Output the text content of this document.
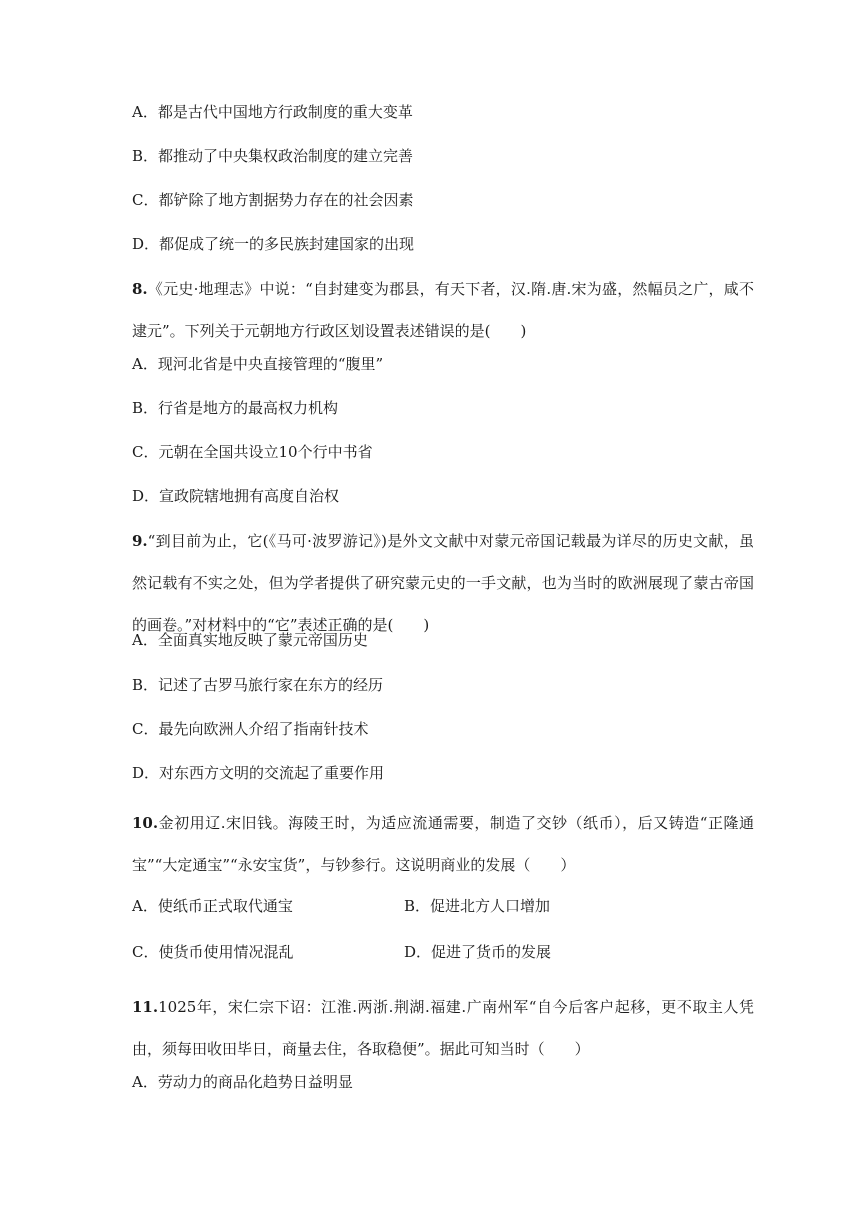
A．都是古代中国地方行政制度的重大变革
B．都推动了中央集权政治制度的建立完善
C．都铲除了地方割据势力存在的社会因素
D．都促成了统一的多民族封建国家的出现
8.《元史·地理志》中说：“自封建变为郡县，有天下者，汉.隋.唐.宋为盛，然幅员之广，咸不逮元”。下列关于元朝地方行政区划设置表述错误的是(　　)
A．现河北省是中央直接管理的“腹里”
B．行省是地方的最高权力机构
C．元朝在全国共设立10个行中书省
D．宣政院辖地拥有高度自治权
9.“到目前为止，它(《马可·波罗游记》)是外文文献中对蒙元帝国记载最为详尽的历史文献，虽然记载有不实之处，但为学者提供了研究蒙元史的一手文献，也为当时的欧洲展现了蒙古帝国的画卷。”对材料中的“它”表述正确的是(　　)
A．全面真实地反映了蒙元帝国历史
B．记述了古罗马旅行家在东方的经历
C．最先向欧洲人介绍了指南针技术
D．对东西方文明的交流起了重要作用
10.金初用辽.宋旧钱。海陵王时，为适应流通需要，制造了交钞（纸币），后又铸造“正隆通宝”“大定通宝”“永安宝货”，与钞参行。这说明商业的发展（　　）
A．使纸币正式取代通宝	B．促进北方人口增加
C．使货币使用情况混乱	D．促进了货币的发展
11.1025年，宋仁宗下诏：江淮.两浙.荆湖.福建.广南州军“自今后客户起移，更不取主人凭由，须每田收田毕日，商量去住，各取稳便”。据此可知当时（　　）
A．劳动力的商品化趋势日益明显
